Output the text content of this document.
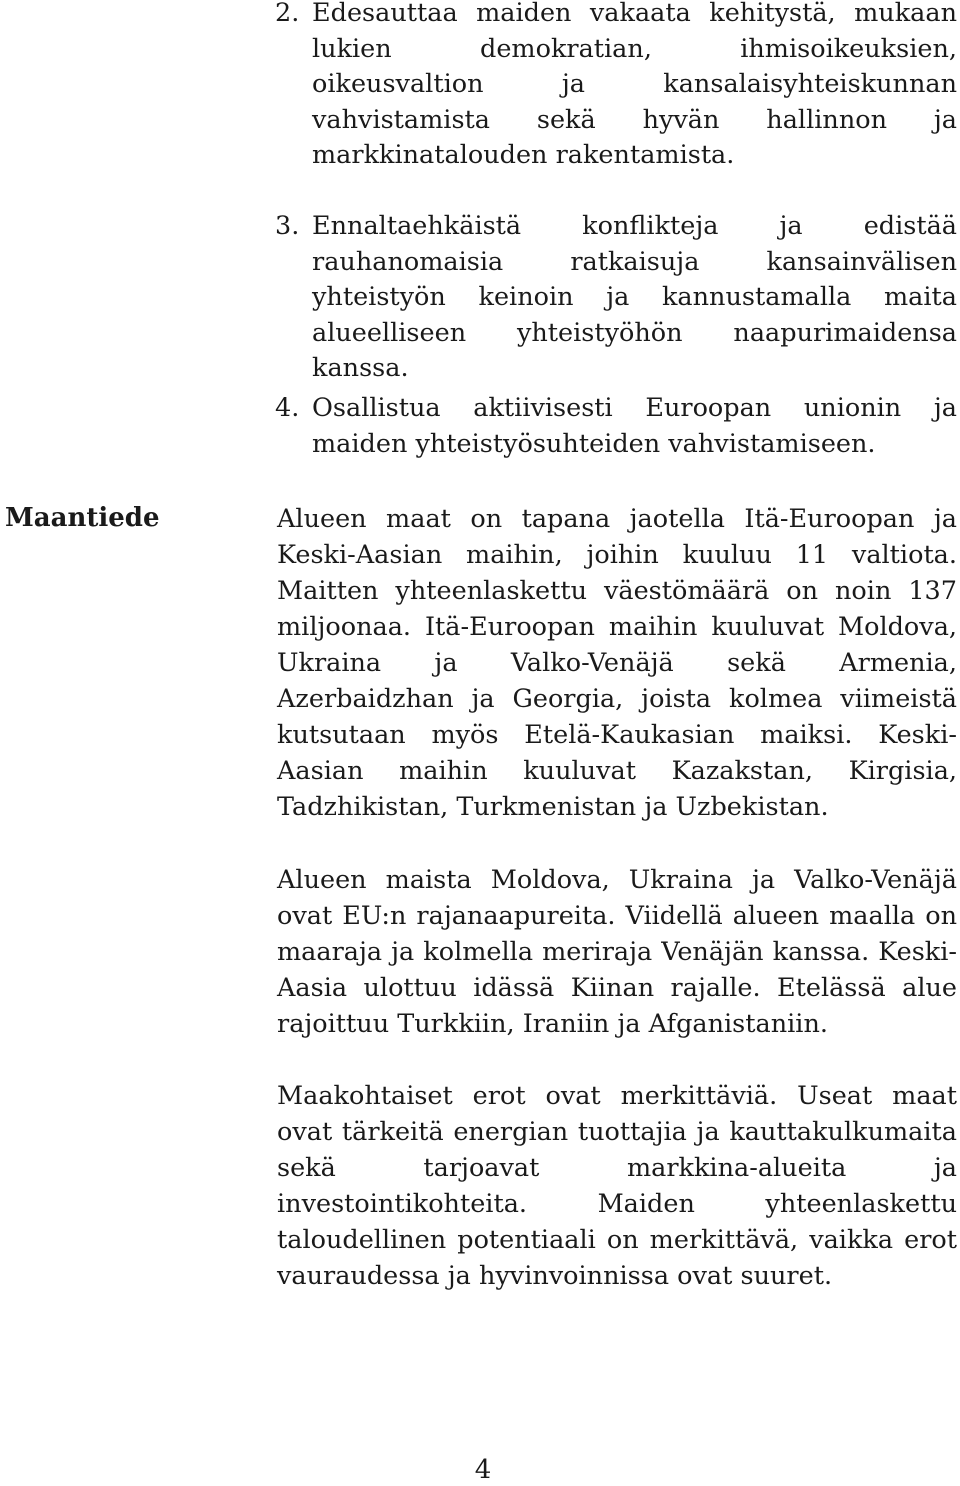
2. Edesauttaa maiden vakaata kehitystä, mukaan lukien demokratian, ihmisoikeuksien, oikeusvaltion ja kansalaisyhteiskunnan vahvistamista sekä hyvän hallinnon ja markkinatalouden rakentamista.
3. Ennaltaehkäistä konflikteja ja edistää rauhanomaisia ratkaisuja kansainvälisen yhteistyön keinoin ja kannustamalla maita alueelliseen yhteistyöhön naapurimaidensa kanssa.
4. Osallistua aktiivisesti Euroopan unionin ja maiden yhteistyösuhteiden vahvistamiseen.
Maantiede	Alueen maat on tapana jaotella Itä-Euroopan ja Keski-Aasian maihin, joihin kuuluu 11 valtiota. Maitten yhteenlaskettu väestömäärä on noin 137 miljoonaa. Itä-Euroopan maihin kuuluvat Moldova, Ukraina ja Valko-Venäjä sekä Armenia, Azerbaidzhan ja Georgia, joista kolmea viimeistä kutsutaan myös Etelä-Kaukasian maiksi. Keski-Aasian maihin kuuluvat Kazakstan, Kirgisia, Tadzhikistan, Turkmenistan ja Uzbekistan.

Alueen maista Moldova, Ukraina ja Valko-Venäjä ovat EU:n rajanaapureita. Viidellä alueen maalla on maaraja ja kolmella meriraja Venäjän kanssa. Keski-Aasia ulottuu idässä Kiinan rajalle. Etelässä alue rajoittuu Turkkiin, Iraniin ja Afganistaniin.

Maakohtaiset erot ovat merkittäviä. Useat maat ovat tärkeitä energian tuottajia ja kauttakulkumaita sekä tarjoavat markkina-alueita ja investointikohteita. Maiden yhteenlaskettu taloudellinen potentiaali on merkittävä, vaikka erot vauraudessa ja hyvinvoinnissa ovat suuret.

4
